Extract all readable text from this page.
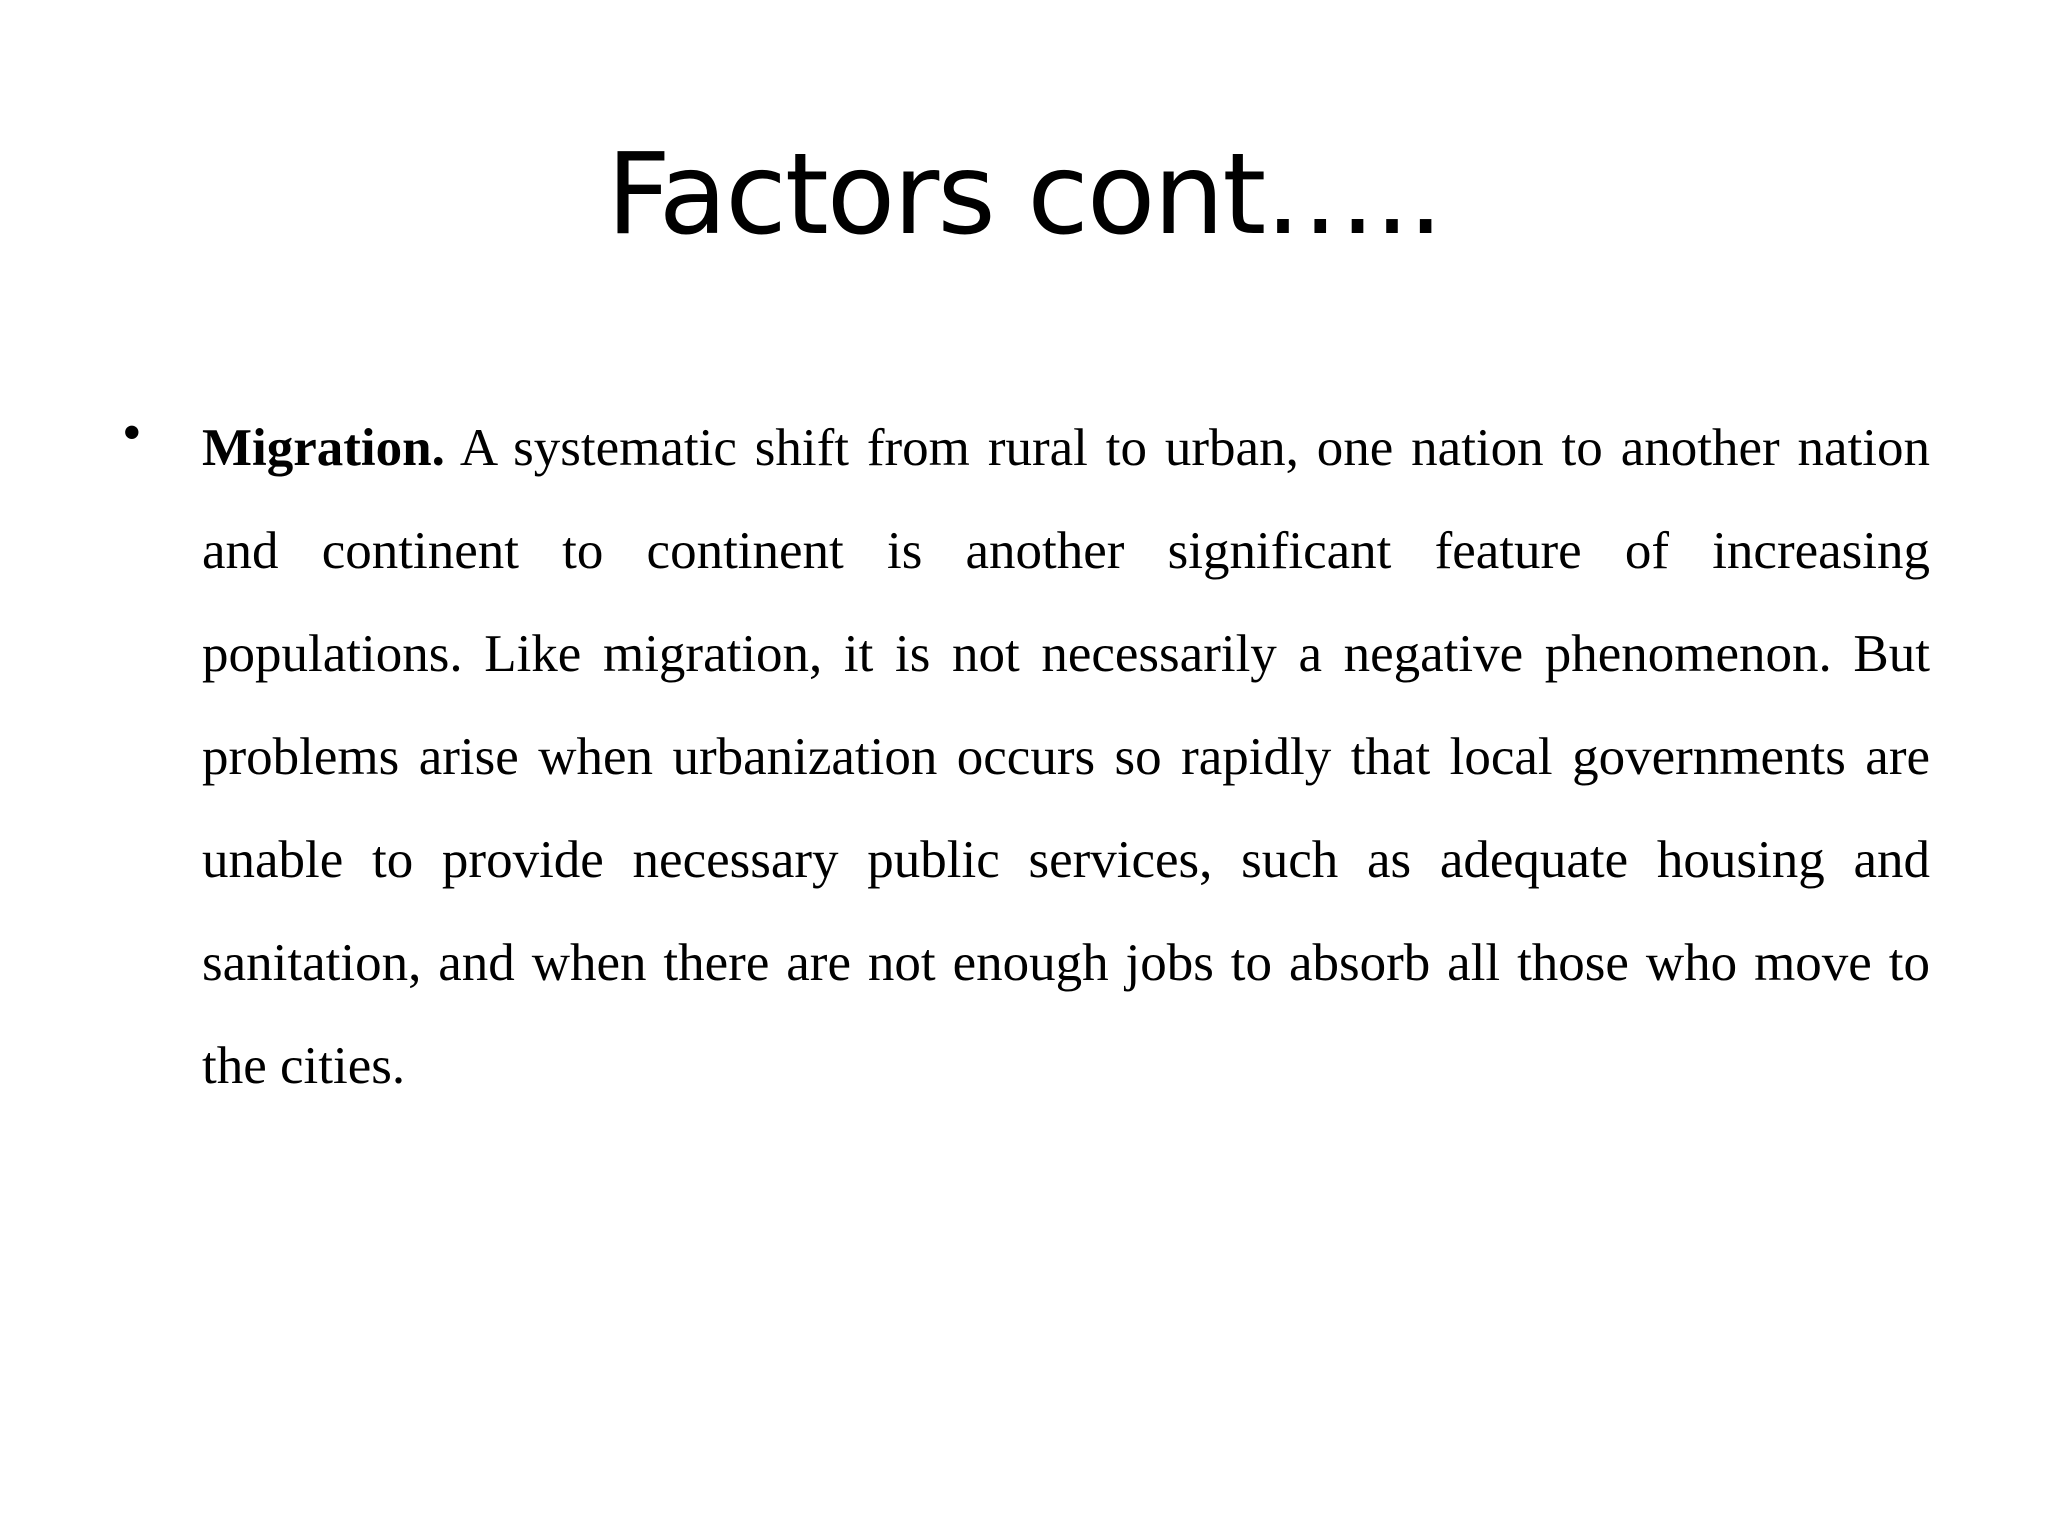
Factors cont…..
• Migration. A systematic shift from rural to urban, one nation to another nation and continent to continent is another significant feature of increasing populations. Like migration, it is not necessarily a negative phenomenon. But problems arise when urbanization occurs so rapidly that local governments are unable to provide necessary public services, such as adequate housing and sanitation, and when there are not enough jobs to absorb all those who move to the cities.
